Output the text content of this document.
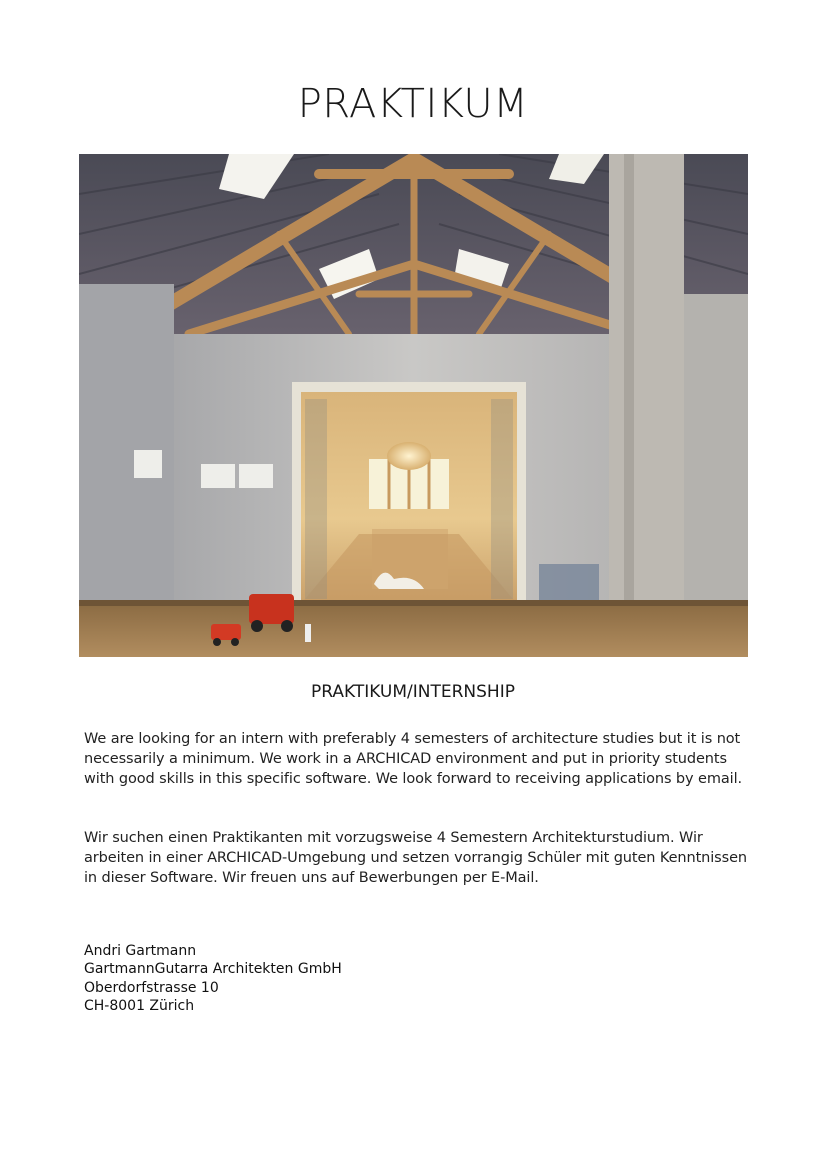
PRAKTIKUM
PRAKTIKUM/INTERNSHIP
We are looking for an intern with preferably 4 semesters of architecture studies but it is not necessarily a minimum. We work in a ARCHICAD environment and put in priority students with good skills in this specific software. We look forward to receiving applications by email.
Wir suchen einen Praktikanten mit vorzugsweise 4 Semestern Architekturstudium. Wir arbeiten in einer ARCHICAD-Umgebung und setzen vorrangig Schüler mit guten Kenntnissen in dieser Software. Wir freuen uns auf Bewerbungen per E-Mail.
Andri Gartmann
GartmannGutarra Architekten GmbH
Oberdorfstrasse 10
CH-8001 Zürich
